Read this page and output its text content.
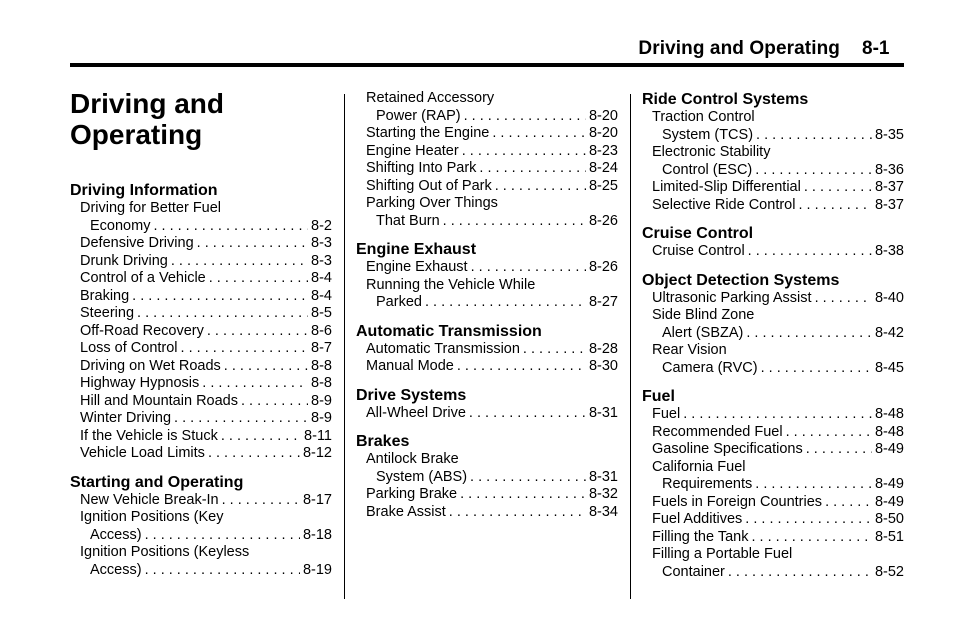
Driving and Operating 8-1
Driving and Operating
Driving Information
Driving for Better Fuel
Economy . . .	8-2
Defensive Driving . . .	8-3
Drunk Driving . . .	8-3
Control of a Vehicle . . .	8-4
Braking . . .	8-4
Steering . . .	8-5
Off-Road Recovery . . .	8-6
Loss of Control . . .	8-7
Driving on Wet Roads . . .	8-8
Highway Hypnosis . . .	8-8
Hill and Mountain Roads . . .	8-9
Winter Driving . . .	8-9
If the Vehicle is Stuck . . .	8-11
Vehicle Load Limits . . .	8-12
Starting and Operating
New Vehicle Break-In . . .	8-17
Ignition Positions (Key
Access) . . .	8-18
Ignition Positions (Keyless
Access) . . .	8-19
Retained Accessory
Power (RAP) . . .	8-20
Starting the Engine . . .	8-20
Engine Heater . . .	8-23
Shifting Into Park . . .	8-24
Shifting Out of Park . . .	8-25
Parking Over Things
That Burn . . .	8-26
Engine Exhaust
Engine Exhaust . . .	8-26
Running the Vehicle While
Parked . . .	8-27
Automatic Transmission
Automatic Transmission . . .	8-28
Manual Mode . . .	8-30
Drive Systems
All-Wheel Drive . . .	8-31
Brakes
Antilock Brake
System (ABS) . . .	8-31
Parking Brake . . .	8-32
Brake Assist . . .	8-34
Ride Control Systems
Traction Control
System (TCS) . . .	8-35
Electronic Stability
Control (ESC) . . .	8-36
Limited-Slip Differential . . .	8-37
Selective Ride Control . . .	8-37
Cruise Control
Cruise Control . . .	8-38
Object Detection Systems
Ultrasonic Parking Assist . . .	8-40
Side Blind Zone
Alert (SBZA) . . .	8-42
Rear Vision
Camera (RVC) . . .	8-45
Fuel
Fuel . . .	8-48
Recommended Fuel . . .	8-48
Gasoline Specifications . . .	8-49
California Fuel
Requirements . . .	8-49
Fuels in Foreign Countries . . .	8-49
Fuel Additives . . .	8-50
Filling the Tank . . .	8-51
Filling a Portable Fuel
Container . . .	8-52
